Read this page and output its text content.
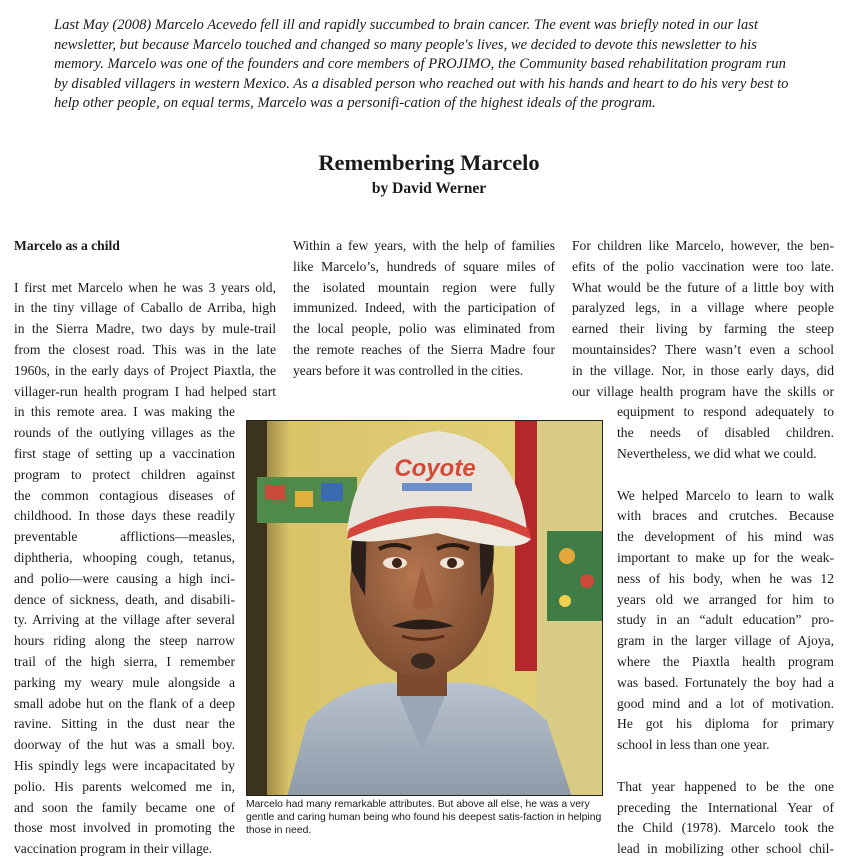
Last May (2008) Marcelo Acevedo fell ill and rapidly succumbed to brain cancer. The event was briefly noted in our last newsletter, but because Marcelo touched and changed so many people's lives, we decided to devote this newsletter to his memory. Marcelo was one of the founders and core members of PROJIMO, the Community based rehabilitation program run by disabled villagers in western Mexico. As a disabled person who reached out with his hands and heart to do his very best to help other people, on equal terms, Marcelo was a personifi-cation of the highest ideals of the program.
Remembering Marcelo
by David Werner
Marcelo as a child
I first met Marcelo when he was 3 years old,
in the tiny village of Caballo de Arriba, high
in the Sierra Madre, two days by mule-trail
from the closest road. This was in the late
1960s, in the early days of Project Piaxtla, the
villager-run health program I had helped start
in this remote area. I was making the
rounds of the outlying villages as the
first stage of setting up a vaccination
program to protect children against
the common contagious diseases of
childhood. In those days these readily
preventable afflictions—measles,
diphtheria, whooping cough, tetanus,
and polio—were causing a high inci-
dence of sickness, death, and disabili-
ty. Arriving at the village after several
hours riding along the steep narrow
trail of the high sierra, I remember
parking my weary mule alongside a
small adobe hut on the flank of a deep
ravine. Sitting in the dust near the
doorway of the hut was a small boy.
His spindly legs were incapacitated by
polio. His parents welcomed me in,
and soon the family became one of
those most involved in promoting the
vaccination program in their village.
Within a few years, with the help of families
like Marcelo’s, hundreds of square miles of
the isolated mountain region were fully
immunized. Indeed, with the participation of
the local people, polio was eliminated from
the remote reaches of the Sierra Madre four
years before it was controlled in the cities.
For children like Marcelo, however, the ben-
efits of the polio vaccination were too late.
What would be the future of a little boy with
paralyzed legs, in a village where people
earned their living by farming the steep
mountainsides? There wasn’t even a school
in the village. Nor, in those early days, did
our village health program have the skills or
equipment to respond adequately to
the needs of disabled children.
Nevertheless, we did what we could.
We helped Marcelo to learn to walk
with braces and crutches. Because
the development of his mind was
important to make up for the weak-
ness of his body, when he was 12
years old we arranged for him to
study in an “adult education” pro-
gram in the larger village of Ajoya,
where the Piaxtla health program
was based. Fortunately the boy had a
good mind and a lot of motivation.
He got his diploma for primary
school in less than one year.
That year happened to be the one
preceding the International Year of
the Child (1978). Marcelo took the
lead in mobilizing other school chil-
Coyote
Marcelo had many remarkable attributes. But above all else, he was a very gentle and caring human being who found his deepest satis-faction in helping those in need.
